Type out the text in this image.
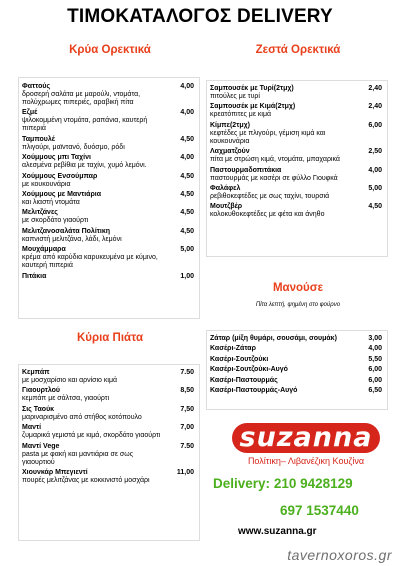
ΤΙΜΟΚΑΤΑΛΟΓΟΣ DELIVERY
Κρύα Ορεκτικά
Φαττούς	4,00
δροσερή σαλάτα με μαρούλι, ντομάτα, πολύχρωμες πιπεριές, αραβική πίτα
Εζμέ	4,00
ψιλοκομμένη ντομάτα, ραπάνια, καυτερή πιπεριά
Ταμπουλέ	4,50
πλιγούρι, μαϊντανό, δυόσμο, ρόδι
Χούμμους μπι Ταχίνι	4,00
αλεσμένα ρεβίθια με ταχίνι, χυμό λεμόνι.
Χούμμους Ενσούμπαρ	4,50
με κουκουνάρια
Χούμμους με Μαντιάρια	4,50
και λιαστή ντομάτα
Μελιτζάνες	4,50
με σκορδάτο γιαούρτι
Μελιτζανοσαλάτα Πολίτικη	4,50
καπνιστή μελιτζάνα, λάδι, λεμόνι
Μουχάμμαρα	5,00
κρέμα από καρύδια καρυκευμένα με κύμινο, καυτερή πιπεριά
Πιτάκια	1,00
Ζεστά Ορεκτικά
Σαμπουσέκ με Τυρί(2τμχ)	2,40
πιτούλες με τυρί
Σαμπουσέκ με Κιμά(2τμχ)	2,40
κρεατόπιτες με κιμά
Κίμπε(2τμχ)	6,00
κεφτέδες με πλιγούρι, γέμιση κιμά και κουκουνάρια
Λαχματζούν	2,50
πίτα με στρώση κιμά, ντομάτα, μπαχαρικά
Παστουρμαδοπιτάκια	4,00
παστουρμάς με κασέρι σε φύλλο Γιουφκά
Φαλάφελ	5,00
ρεβιθοκεφτέδες με σως ταχίνι, τουρσιά
Μουτζβέρ	4,50
κολοκυθοκεφτέδες με φέτα και άνηθο
Μανούσε
Πίτα λεπτή, ψημένη στο φούρνο
Ζάταρ (μίξη θυμάρι, σουσάμι, σουμάκ)	3,00
Κασέρι-Ζάταρ	4,00
Κασέρι-Σουτζούκι	5,50
Κασέρι-Σουτζούκι-Αυγό	6,00
Κασέρι-Παστουρμάς	6,00
Κασέρι-Παστουρμάς-Αυγό	6,50
Κύρια Πιάτα
Κεμπάπ	7.50
με μοσχαρίσιο και αρνίσιο κιμά
Γιαουρτλού	8,50
κεμπάπ με σάλτσα, γιαούρτι
Σις Ταούκ	7,50
μαριναρισμένο από στήθος κοτόπουλο
Μαντί	7,00
ζυμαρικά γεμιστά με κιμά, σκορδάτο γιαούρτι
Μαντί Vege	7.50
pasta με φακή και μαντιάρια σε σως γιαουρτιού
Χιουνκάρ Μπεγιεντί	11,00
πουρές μελιτζάνας με κοκκινιστό μοσχάρι
suzanna
Πολίτικη– Λιβανέζικη Κουζίνα
Delivery: 210 9428129
697 1537440
www.suzanna.gr
tavernoxoros.gr
